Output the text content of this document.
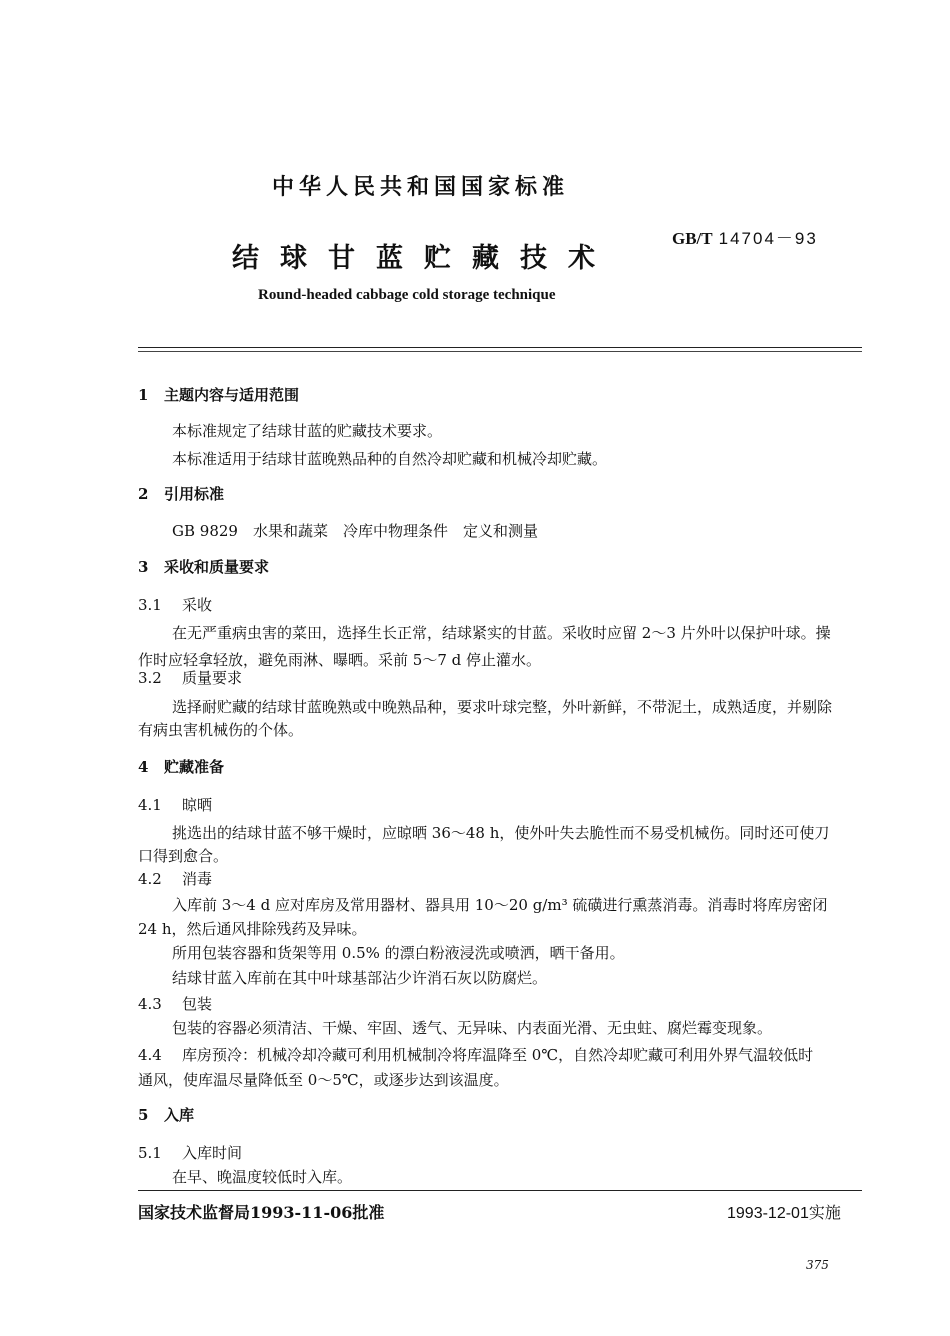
中华人民共和国国家标准
GB/T 14704－93
结球甘蓝贮藏技术
Round-headed cabbage cold storage technique
1 主题内容与适用范围
本标准规定了结球甘蓝的贮藏技术要求。
本标准适用于结球甘蓝晚熟品种的自然冷却贮藏和机械冷却贮藏。
2 引用标准
GB 9829　水果和蔬菜　冷库中物理条件　定义和测量
3 采收和质量要求
3.1 采收
在无严重病虫害的菜田，选择生长正常，结球紧实的甘蓝。采收时应留 2～3 片外叶以保护叶球。操
作时应轻拿轻放，避免雨淋、曝晒。采前 5～7 d 停止灌水。
3.2 质量要求
选择耐贮藏的结球甘蓝晚熟或中晚熟品种，要求叶球完整，外叶新鲜，不带泥土，成熟适度，并剔除
有病虫害机械伤的个体。
4 贮藏准备
4.1 晾晒
挑选出的结球甘蓝不够干燥时，应晾晒 36～48 h，使外叶失去脆性而不易受机械伤。同时还可使刀
口得到愈合。
4.2 消毒
入库前 3～4 d 应对库房及常用器材、器具用 10～20 g/m³ 硫磺进行熏蒸消毒。消毒时将库房密闭
24 h，然后通风排除残药及异味。
所用包装容器和货架等用 0.5% 的漂白粉液浸洗或喷洒，晒干备用。
结球甘蓝入库前在其中叶球基部沾少许消石灰以防腐烂。
4.3 包装
包装的容器必须清洁、干燥、牢固、透气、无异味、内表面光滑、无虫蛀、腐烂霉变现象。
4.4 库房预冷：机械冷却冷藏可利用机械制冷将库温降至 0℃，自然冷却贮藏可利用外界气温较低时
通风，使库温尽量降低至 0～5℃，或逐步达到该温度。
5 入库
5.1 入库时间
在早、晚温度较低时入库。
国家技术监督局1993-11-06批准	1993-12-01实施
375
